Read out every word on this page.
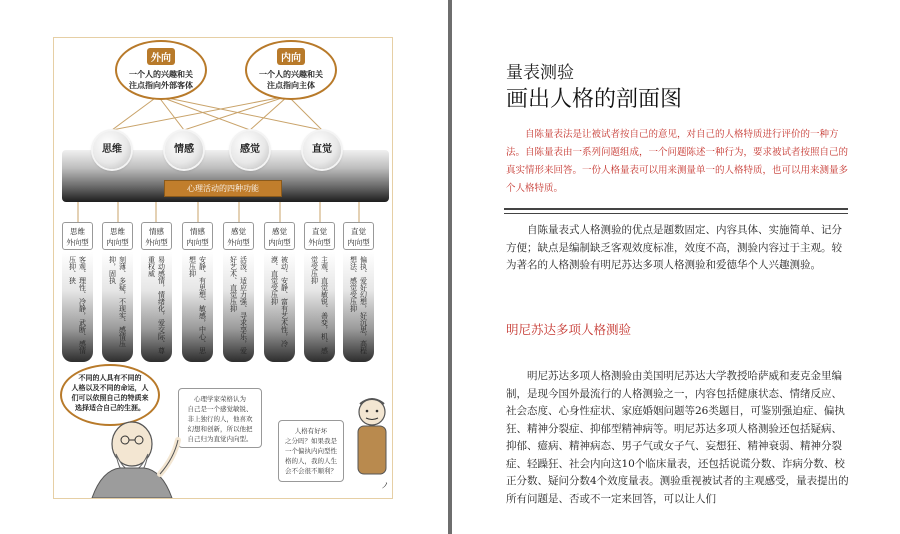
外向
一个人的兴趣和关
注点指向外部客体
内向
一个人的兴趣和关
注点指向主体
思维	情感	感觉	直觉
心理活动的四种功能
思维
外向型
客观、理性、冷静，武断、感情压抑、狭
思维
内向型
刻薄、多疑，不现实、感情压抑，固执
情感
外向型
易动感情，情绪化，爱交际、尊重权威
情感
内向型
安静、有思想、敏感，中心、思想压抑
感觉
外向型
活泼、适应力强、寻求享乐，爱好艺术、直觉压抑
感觉
内向型
被动、安静、富有艺术性，冷漠、直觉受压抑
直觉
外向型
主观、直觉敏锐、善变，机、感觉受压抑
直觉
内向型
偏执、爱好幻想，好沉思，高程想法、感觉受压抑
不同的人具有不同的
人格以及不同的命运，人
们可以依照自己的特质来
选择适合自己的生涯。
心理学家荣格认为
自己是一个感觉敏锐、
非上独行的人，他喜欢
幻想和创新，所以他把
自己归为直觉内向型。
人格有好坏
之分吗？如果我是
一个偏执内向型性
格的人，我的人生
会不会很不顺利？
ノ
量表测验
画出人格的剖面图
自陈量表法是让被试者按自己的意见，对自己的人格特质进行评价的一种方法。自陈量表由一系列问题组成，一个问题陈述一种行为，要求被试者按照自己的真实情形来回答。一份人格量表可以用来测量单一的人格特质，也可以用来测量多个人格特质。
自陈量表式人格测验的优点是题数固定、内容具体、实施简单、记分方便；缺点是编制缺乏客观效度标准，效度不高，测验内容过于主观。较为著名的人格测验有明尼苏达多项人格测验和爱德华个人兴趣测验。
明尼苏达多项人格测验
明尼苏达多项人格测验由美国明尼苏达大学教授哈萨威和麦克金里编制，是现今国外最流行的人格测验之一，内容包括健康状态、情绪反应、社会态度、心身性症状、家庭婚姻问题等26类题目，可鉴别强迫症、偏执狂、精神分裂症、抑郁型精神病等。明尼苏达多项人格测验还包括疑病、抑郁、癔病、精神病态、男子气或女子气、妄想狂、精神衰弱、精神分裂症、轻躁狂、社会内向这10个临床量表，还包括说谎分数、诈病分数、校正分数、疑问分数4个效度量表。测验重视被试者的主观感受，量表提出的所有问题是、否或不一定来回答，可以让人们
